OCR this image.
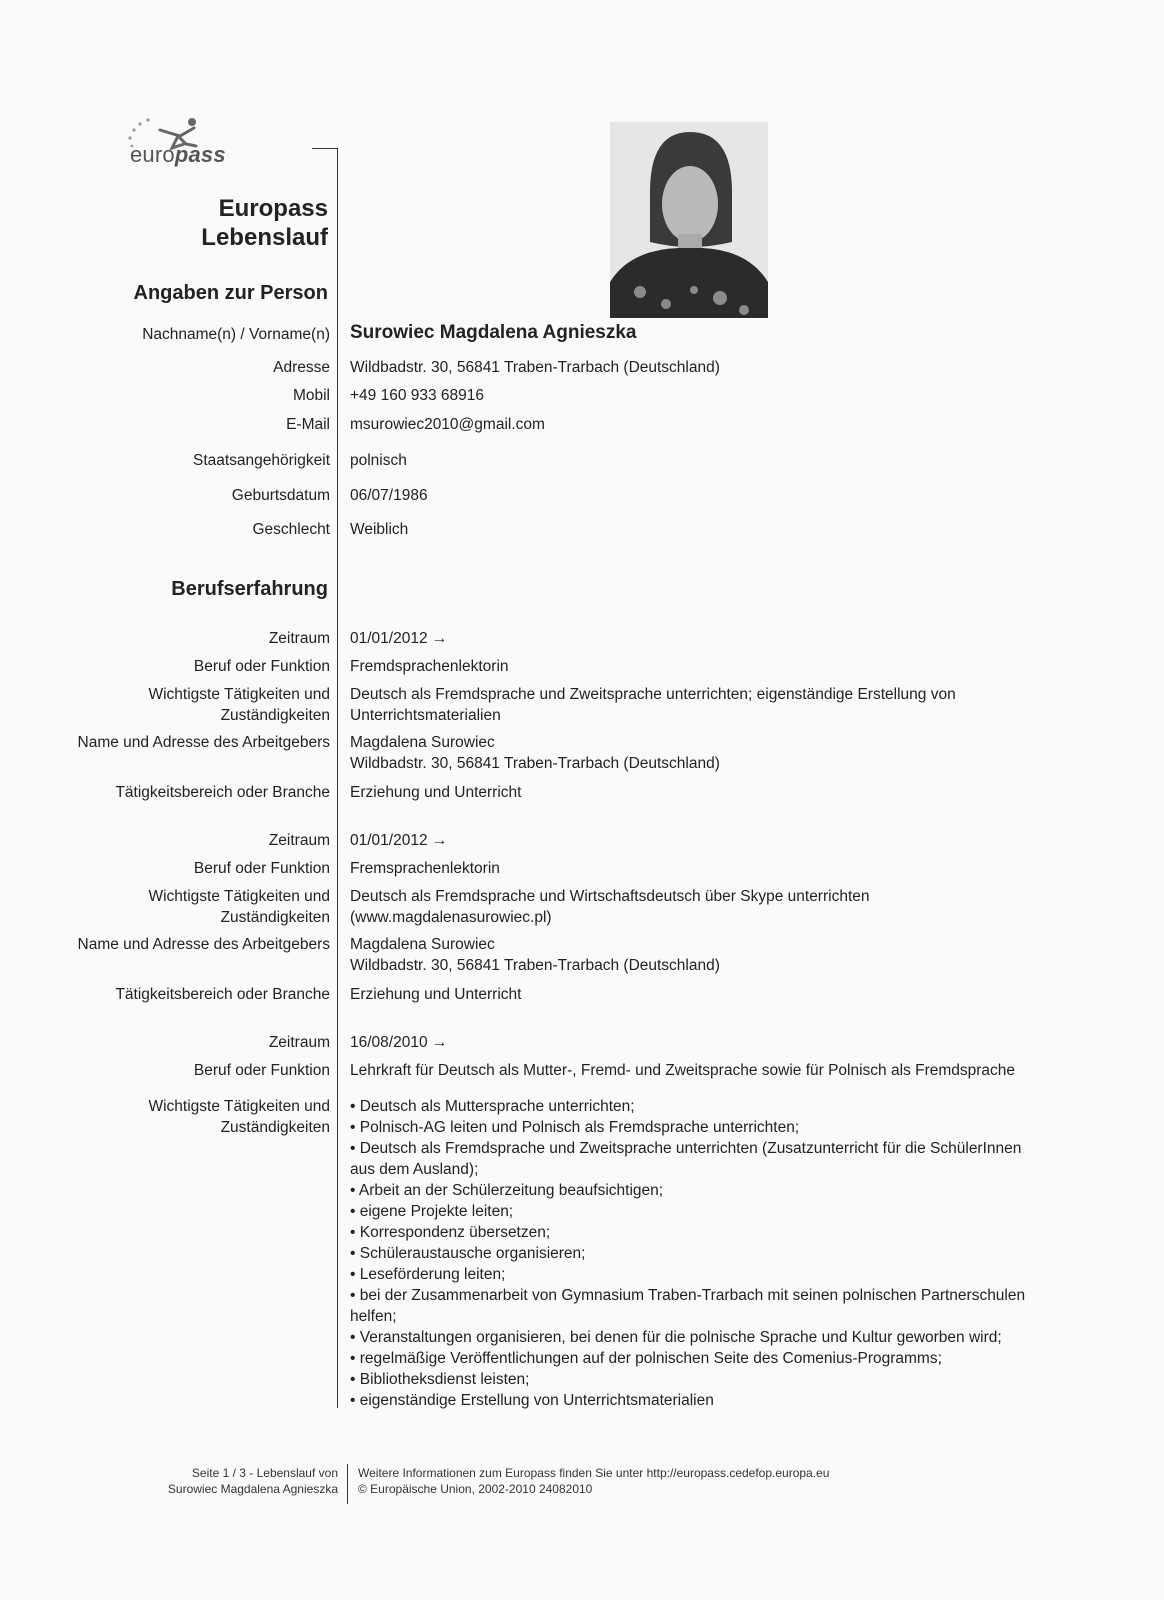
europass
Europass
Lebenslauf
Angaben zur Person
Nachname(n) / Vorname(n) Surowiec Magdalena Agnieszka
Adresse Wildbadstr. 30, 56841 Traben-Trarbach (Deutschland)
Mobil +49 160 933 68916
E-Mail msurowiec2010@gmail.com
Staatsangehörigkeit polnisch
Geburtsdatum 06/07/1986
Geschlecht Weiblich
Berufserfahrung
Zeitraum 01/01/2012 →
Beruf oder Funktion Fremdsprachenlektorin
Wichtigste Tätigkeiten und
Zuständigkeiten
Deutsch als Fremdsprache und Zweitsprache unterrichten; eigenständige Erstellung von
Unterrichtsmaterialien
Name und Adresse des Arbeitgebers Magdalena Surowiec
Wildbadstr. 30, 56841 Traben-Trarbach (Deutschland)
Tätigkeitsbereich oder Branche Erziehung und Unterricht
Zeitraum 01/01/2012 →
Beruf oder Funktion Fremsprachenlektorin
Wichtigste Tätigkeiten und
Zuständigkeiten
Deutsch als Fremdsprache und Wirtschaftsdeutsch über Skype unterrichten
(www.magdalenasurowiec.pl)
Name und Adresse des Arbeitgebers Magdalena Surowiec
Wildbadstr. 30, 56841 Traben-Trarbach (Deutschland)
Tätigkeitsbereich oder Branche Erziehung und Unterricht
Zeitraum 16/08/2010 →
Beruf oder Funktion Lehrkraft für Deutsch als Mutter-, Fremd- und Zweitsprache sowie für Polnisch als Fremdsprache
Wichtigste Tätigkeiten und
Zuständigkeiten
• Deutsch als Muttersprache unterrichten;
• Polnisch-AG leiten und Polnisch als Fremdsprache unterrichten;
• Deutsch als Fremdsprache und Zweitsprache unterrichten (Zusatzunterricht für die SchülerInnen aus dem Ausland);
• Arbeit an der Schülerzeitung beaufsichtigen;
• eigene Projekte leiten;
• Korrespondenz übersetzen;
• Schüleraustausche organisieren;
• Leseförderung leiten;
• bei der Zusammenarbeit von Gymnasium Traben-Trarbach mit seinen polnischen Partnerschulen helfen;
• Veranstaltungen organisieren, bei denen für die polnische Sprache und Kultur geworben wird;
• regelmäßige Veröffentlichungen auf der polnischen Seite des Comenius-Programms;
• Bibliotheksdienst leisten;
• eigenständige Erstellung von Unterrichtsmaterialien
Seite 1 / 3 - Lebenslauf von
Surowiec Magdalena Agnieszka
Weitere Informationen zum Europass finden Sie unter http://europass.cedefop.europa.eu
© Europäische Union, 2002-2010 24082010
